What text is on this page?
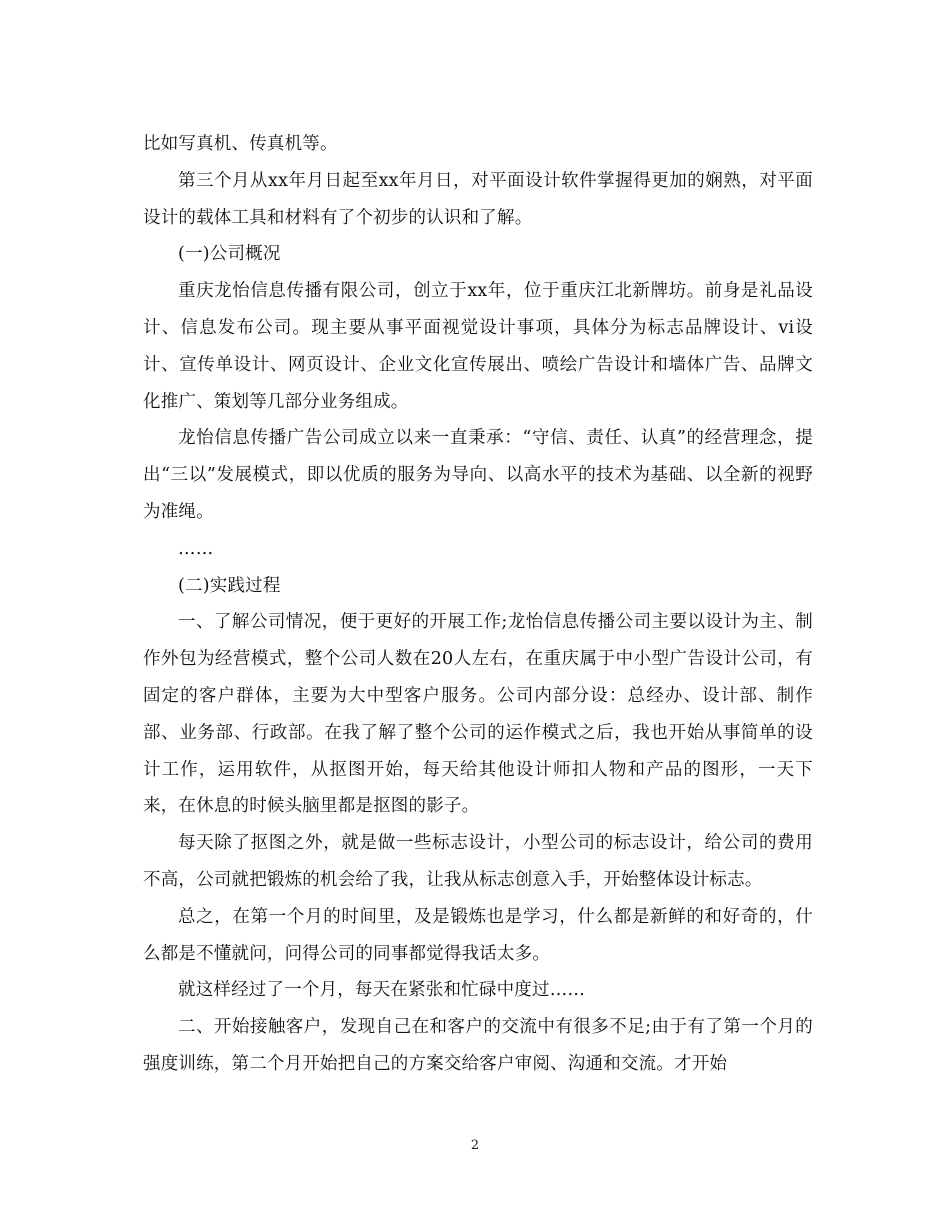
比如写真机、传真机等。

第三个月从xx年月日起至xx年月日，对平面设计软件掌握得更加的娴熟，对平面设计的载体工具和材料有了个初步的认识和了解。

(一)公司概况

重庆龙怡信息传播有限公司，创立于xx年，位于重庆江北新牌坊。前身是礼品设计、信息发布公司。现主要从事平面视觉设计事项，具体分为标志品牌设计、vi设计、宣传单设计、网页设计、企业文化宣传展出、喷绘广告设计和墙体广告、品牌文化推广、策划等几部分业务组成。

龙怡信息传播广告公司成立以来一直秉承：“守信、责任、认真”的经营理念，提出“三以”发展模式，即以优质的服务为导向、以高水平的技术为基础、以全新的视野为准绳。

……

(二)实践过程

一、了解公司情况，便于更好的开展工作;龙怡信息传播公司主要以设计为主、制作外包为经营模式，整个公司人数在20人左右，在重庆属于中小型广告设计公司，有固定的客户群体，主要为大中型客户服务。公司内部分设：总经办、设计部、制作部、业务部、行政部。在我了解了整个公司的运作模式之后，我也开始从事简单的设计工作，运用软件，从抠图开始，每天给其他设计师扣人物和产品的图形，一天下来，在休息的时候头脑里都是抠图的影子。

每天除了抠图之外，就是做一些标志设计，小型公司的标志设计，给公司的费用不高，公司就把锻炼的机会给了我，让我从标志创意入手，开始整体设计标志。

总之，在第一个月的时间里，及是锻炼也是学习，什么都是新鲜的和好奇的，什么都是不懂就问，问得公司的同事都觉得我话太多。

就这样经过了一个月，每天在紧张和忙碌中度过……

二、开始接触客户，发现自己在和客户的交流中有很多不足;由于有了第一个月的强度训练，第二个月开始把自己的方案交给客户审阅、沟通和交流。才开始

2
